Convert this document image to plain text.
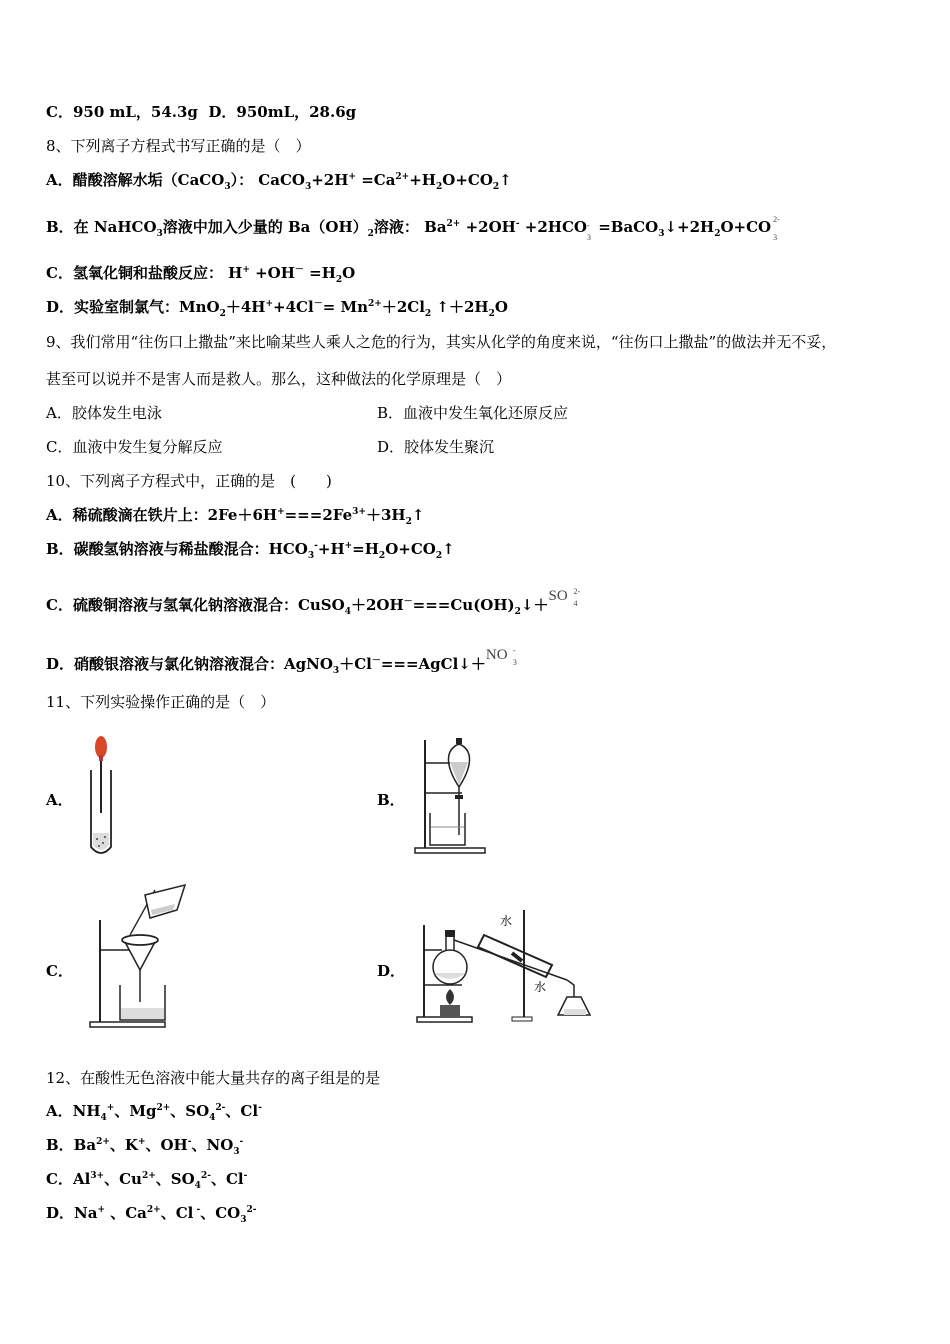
C．950 mL，54.3g D．950mL，28.6g
8、下列离子方程式书写正确的是（　）
A．醋酸溶解水垢（CaCO$_3$）： CaCO$_3$+2H+ $=Ca^{2+}+H_2O+CO_2↑$
B．在 NaHCO$_3$溶液中加入少量的 $Ba(OH)_2$溶液： $Ba^{2+} +2OH^- +2HCO$ -
3
$=BaCO_3↓+2H_2O+CO$ 2-
3
C．氢氧化铜和盐酸反应： $H^+ +OH^- =H_2O$
D．实验室制氯气：$MnO_2+4H^++4Cl^-= Mn^{2+}+2Cl_2$ $↑+2H_2O$
9、我们常用“往伤口上撒盐”来比喻某些人乘人之危的行为，其实从化学的角度来说，“往伤口上撒盐”的做法并无不妥，
甚至可以说并不是害人而是救人。那么，这种做法的化学原理是（　）
A．胶体发生电泳	B．血液中发生氧化还原反应
C．血液中发生复分解反应	D．胶体发生聚沉
10、下列离子方程式中，正确的是　(　　)
A．稀硫酸滴在铁片上：$2Fe+6H^+===2Fe^{3+}+3H_2↑$
B．碳酸氢钠溶液与稀盐酸混合：$HCO_3^-+H^+=H_2O+CO_2↑$
C．硫酸铜溶液与氢氧化钠溶液混合：$CuSO_4+2OH^-===Cu(OH)_2↓+SO$ 2-
4
D．硝酸银溶液与氯化钠溶液混合：AgNO$_3$＋Cl－===AgCl↓＋NO -
3
11、下列实验操作正确的是（　）
A．	B．
C．	D．
水
水
12、在酸性无色溶液中能大量共存的离子组是的是
A．$NH_4^+$、$Mg^{2+}$、$SO_4^{2-}$、Cl-
B．$Ba^{2+}$、K+、OH-、$NO_3^-$
C．$Al^{3+}$、$Cu^{2+}$、$SO_4^{2-}$、Cl-
D．Na+ 、$Ca^{2+}$、Cl -、$CO_3^{2-}$
